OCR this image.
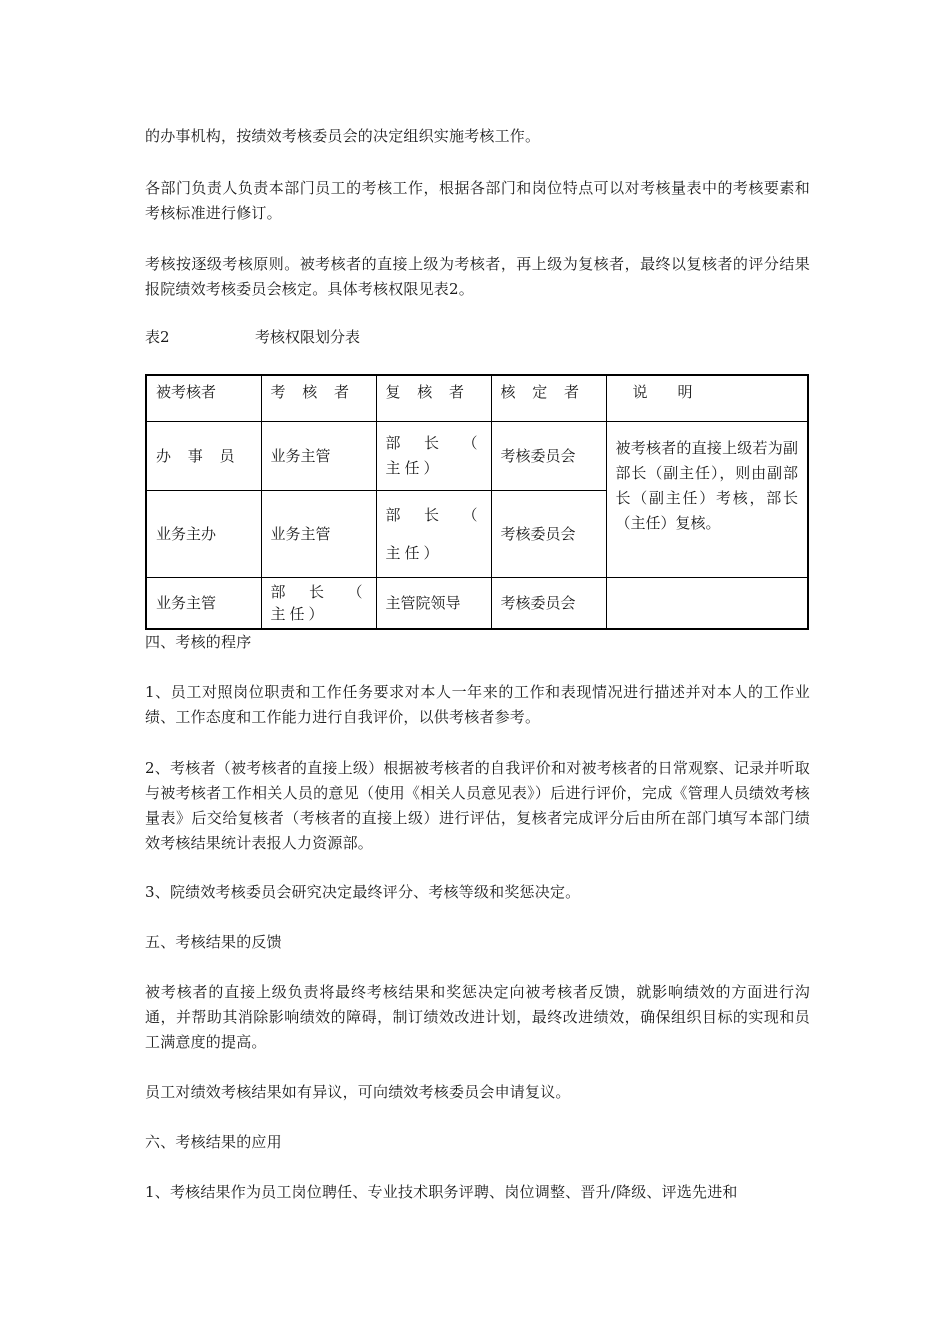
的办事机构，按绩效考核委员会的决定组织实施考核工作。

各部门负责人负责本部门员工的考核工作，根据各部门和岗位特点可以对考核量表中的考核要素和考核标准进行修订。

考核按逐级考核原则。被考核者的直接上级为考核者，再上级为复核者，最终以复核者的评分结果报院绩效考核委员会核定。具体考核权限见表2。

表2	考核权限划分表
被考核者	考 核 者	复 核 者	核 定 者	说　　明
办 事 员	业务主管	部 长 （ 主任）	考核委员会	被考核者的直接上级若为副部长（副主任），则由副部长（副主任）考核，部长（主任）复核。
业务主办	业务主管	部 长 （ 主任）	考核委员会	
业务主管	部 长 （ 主任）	主管院领导	考核委员会	

四、考核的程序

1、员工对照岗位职责和工作任务要求对本人一年来的工作和表现情况进行描述并对本人的工作业绩、工作态度和工作能力进行自我评价，以供考核者参考。

2、考核者（被考核者的直接上级）根据被考核者的自我评价和对被考核者的日常观察、记录并听取与被考核者工作相关人员的意见（使用《相关人员意见表》）后进行评价，完成《管理人员绩效考核量表》后交给复核者（考核者的直接上级）进行评估，复核者完成评分后由所在部门填写本部门绩效考核结果统计表报人力资源部。

3、院绩效考核委员会研究决定最终评分、考核等级和奖惩决定。

五、考核结果的反馈

被考核者的直接上级负责将最终考核结果和奖惩决定向被考核者反馈，就影响绩效的方面进行沟通，并帮助其消除影响绩效的障碍，制订绩效改进计划，最终改进绩效，确保组织目标的实现和员工满意度的提高。

员工对绩效考核结果如有异议，可向绩效考核委员会申请复议。

六、考核结果的应用

1、考核结果作为员工岗位聘任、专业技术职务评聘、岗位调整、晋升/降级、评选先进和
